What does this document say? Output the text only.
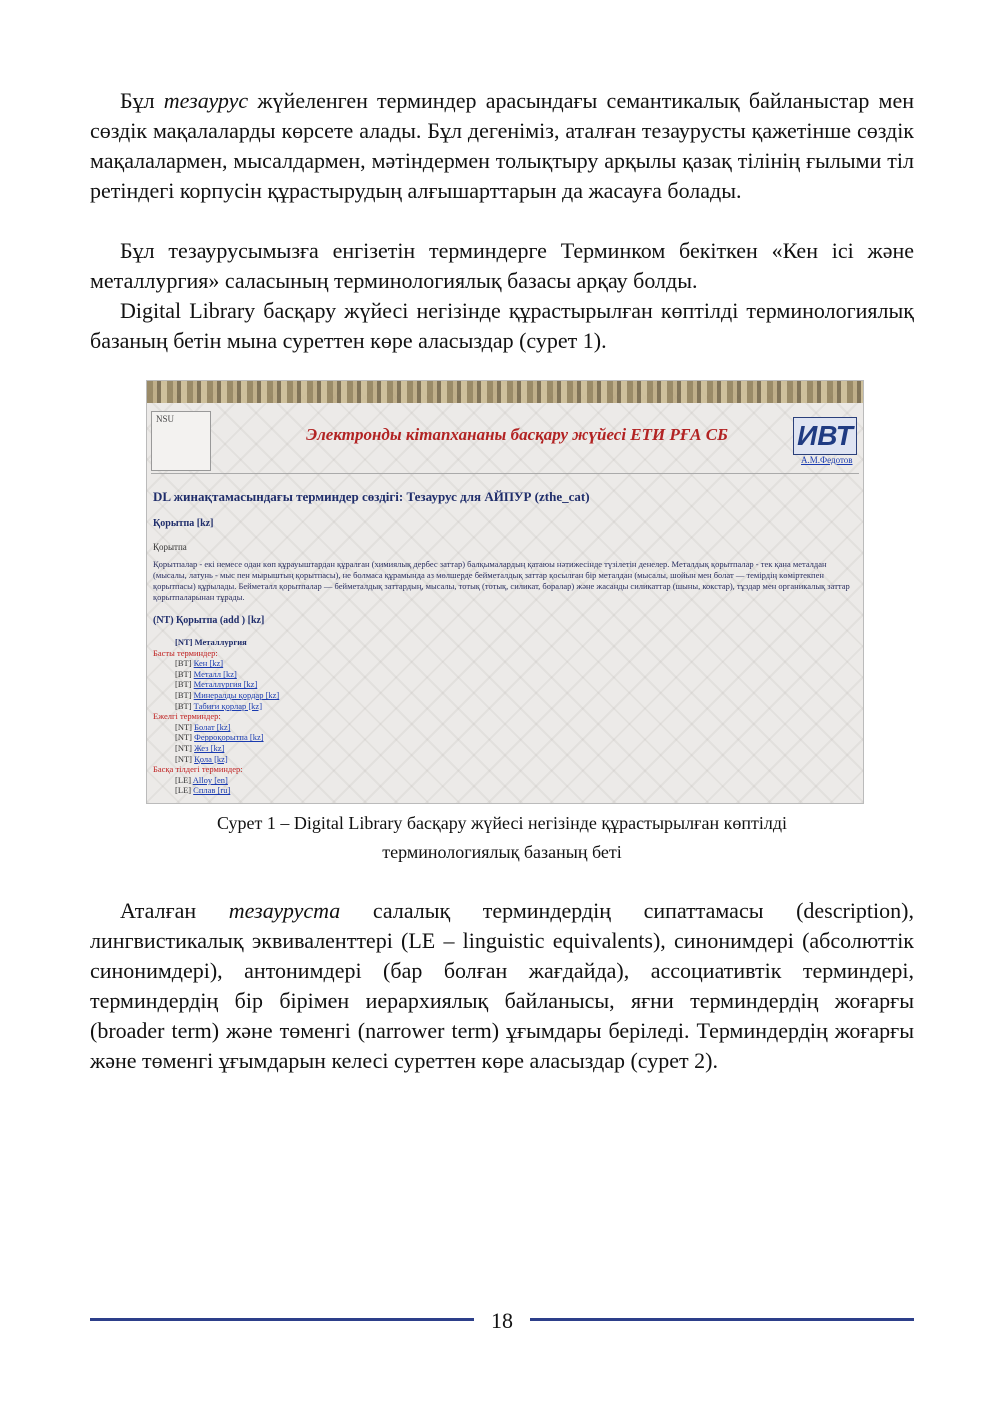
Бұл тезаурус жүйеленген терминдер арасындағы семантикалық байланыстар мен сөздік мақалаларды көрсете алады. Бұл дегеніміз, аталған тезаурусты қажетінше сөздік мақалалармен, мысалдармен, мәтіндермен толықтыру арқылы қазақ тілінің ғылыми тіл ретіндегі корпусін құрастырудың алғышарттарын да жасауға болады.

Бұл тезаурусымызға енгізетін терминдерге Терминком бекіткен «Кен ісі және металлургия» саласының терминологиялық базасы арқау болды.

Digital Library басқару жүйесі негізінде құрастырылған көптілді терминологиялық базаның бетін мына суреттен көре аласыздар (сурет 1).

NSU
Электронды кітапхананы басқару жүйесі ЕТИ РҒА СБ	ИВТ
А.М.Федотов
DL жинақтамасындағы терминдер сөздігі: Тезаурус для АЙПУР (zthe_cat)
Қорытпа [kz]
Қорытпа
Қорытпалар - екі немесе одан көп құрауыштардан құралған (химиялық дербес заттар) балқымалардың қатаюы нәтижесінде түзілетін денелер. Металдық қорытпалар - тек қана металдан (мысалы, латунь - мыс пен мырыштың қорытпасы), не болмаса құрамында аз мөлшерде бейметалдық заттар қосылған бір металдан (мысалы, шойын мен болат — темірдің көміртекпен қорытпасы) құрылады. Бейметалл қорытпалар — бейметалдық заттардың, мысалы, тотық (тотық, силикат, боралар) және жасанды силикаттар (шыны, кокстар), тұздар мен органикалық заттар қорытпаларынан тұрады.
(NT) Қорытпа (add ) [kz]
[NT] Металлургия
Басты терминдер:
[BT] Кен [kz]
[BT] Металл [kz]
[BT] Металлургия [kz]
[BT] Минералды қордар [kz]
[BT] Табиғи қорлар [kz]
Ежелгі терминдер:
[NT] Болат [kz]
[NT] Ферроқорытпа [kz]
[NT] Жез [kz]
[NT] Қола [kz]
Басқа тілдегі терминдер:
[LE] Alloy [en]
[LE] Сплав [ru]
Сурет 1 – Digital Library басқару жүйесі негізінде құрастырылған көптілді
терминологиялық базаның беті

Аталған тезауруста салалық терминдердің сипаттамасы (description), лингвистикалық эквиваленттері (LE – linguistic equivalents), синонимдері (абсолюттік синонимдері), антонимдері (бар болған жағдайда), ассоциативтік терминдері, терминдердің бір бірімен иерархиялық байланысы, яғни терминдердің жоғарғы (broader term) және төменгі (narrower term) ұғымдары беріледі. Терминдердің жоғарғы және төменгі ұғымдарын келесі суреттен көре аласыздар (сурет 2).

18
